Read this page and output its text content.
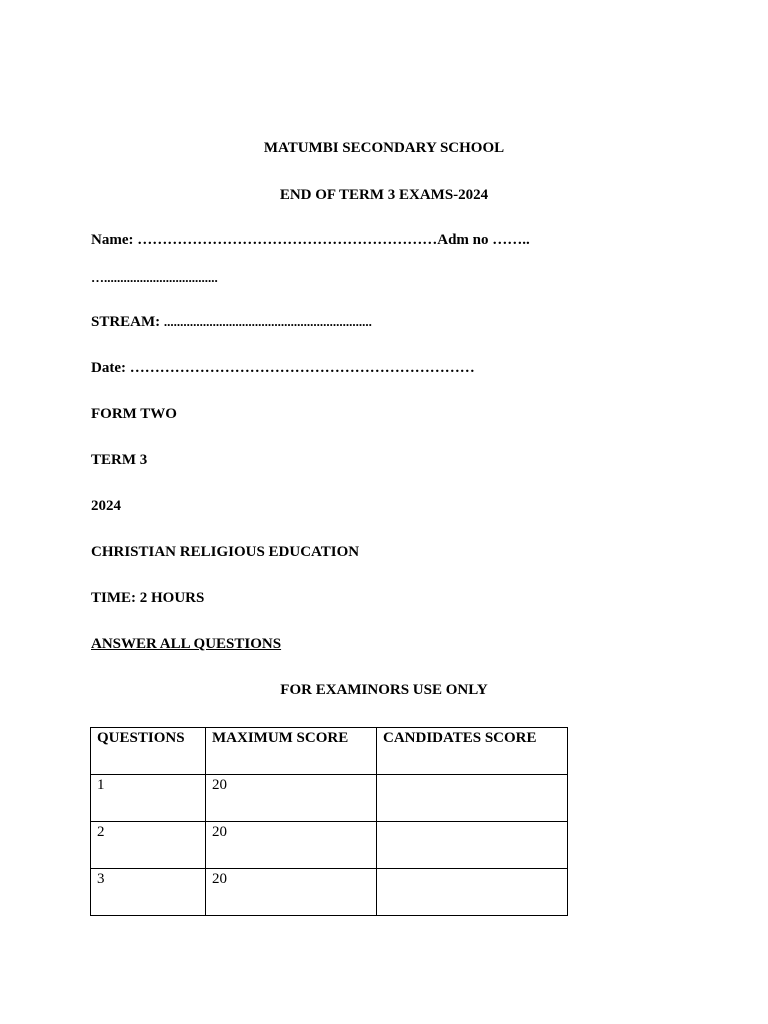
MATUMBI SECONDARY SCHOOL
END OF TERM 3 EXAMS-2024
Name: ……………………………………………………Adm no ……..
…...................................
STREAM: ................................................................
Date: ……………………………………………………………
FORM TWO
TERM 3
2024
CHRISTIAN RELIGIOUS EDUCATION
TIME: 2 HOURS
ANSWER ALL QUESTIONS
FOR EXAMINORS USE ONLY
QUESTIONS	MAXIMUM SCORE	CANDIDATES SCORE
1	20	
2	20	
3	20	
